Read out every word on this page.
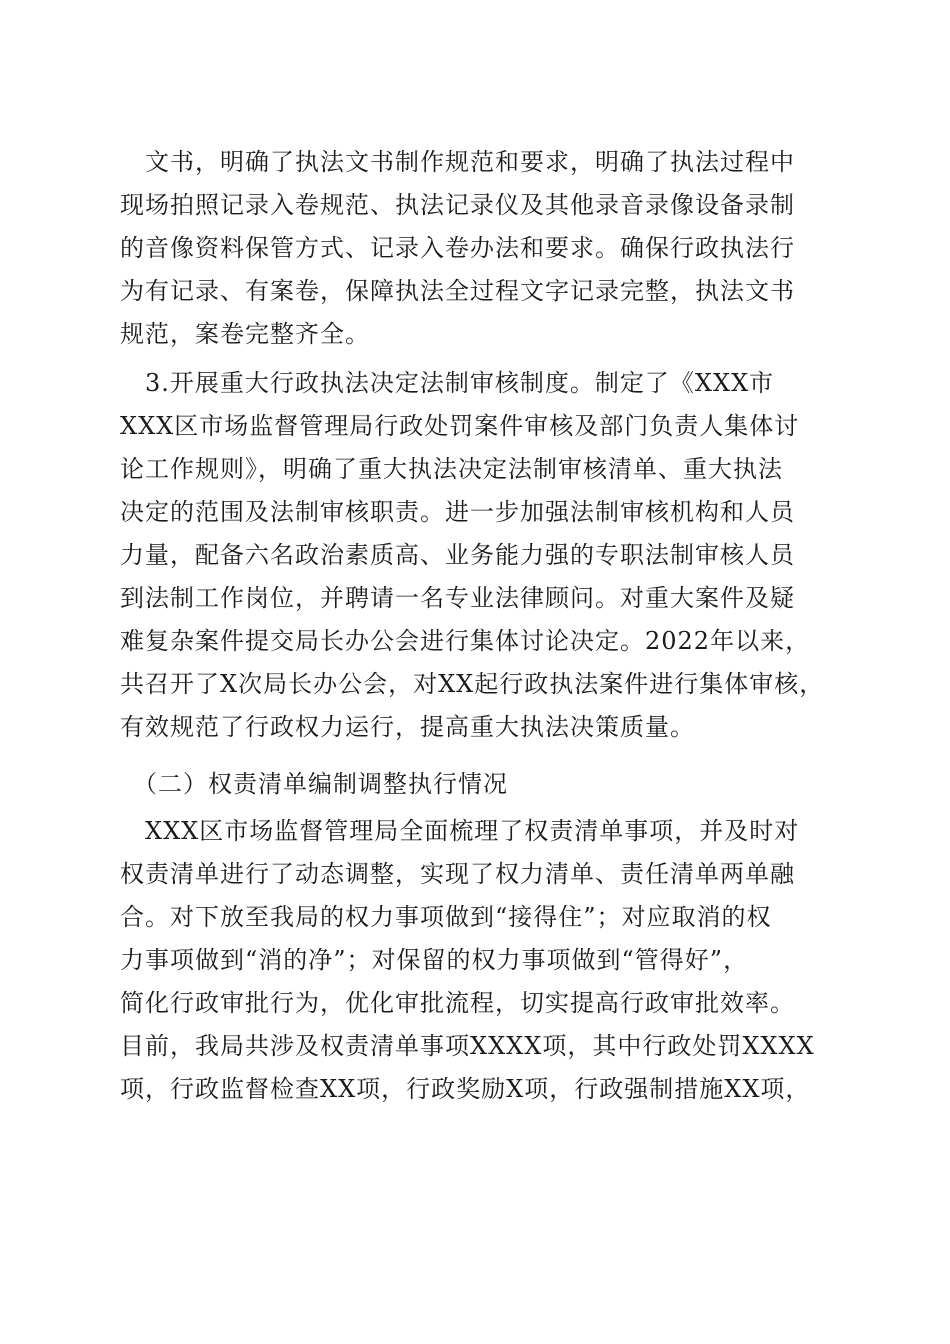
　文书，明确了执法文书制作规范和要求，明确了执法过程中
现场拍照记录入卷规范、执法记录仪及其他录音录像设备录制
的音像资料保管方式、记录入卷办法和要求。确保行政执法行
为有记录、有案卷，保障执法全过程文字记录完整，执法文书
规范，案卷完整齐全。
　3.开展重大行政执法决定法制审核制度。制定了《XXX市
XXX区市场监督管理局行政处罚案件审核及部门负责人集体讨
论工作规则》，明确了重大执法决定法制审核清单、重大执法
决定的范围及法制审核职责。进一步加强法制审核机构和人员
力量，配备六名政治素质高、业务能力强的专职法制审核人员
到法制工作岗位，并聘请一名专业法律顾问。对重大案件及疑
难复杂案件提交局长办公会进行集体讨论决定。2022年以来，
共召开了X次局长办公会，对XX起行政执法案件进行集体审核，
有效规范了行政权力运行，提高重大执法决策质量。
　（二）权责清单编制调整执行情况
　XXX区市场监督管理局全面梳理了权责清单事项，并及时对
权责清单进行了动态调整，实现了权力清单、责任清单两单融
合。对下放至我局的权力事项做到“接得住”；对应取消的权
力事项做到“消的净”；对保留的权力事项做到“管得好”，
简化行政审批行为，优化审批流程，切实提高行政审批效率。
目前，我局共涉及权责清单事项XXXX项，其中行政处罚XXXX
项，行政监督检查XX项，行政奖励X项，行政强制措施XX项，
